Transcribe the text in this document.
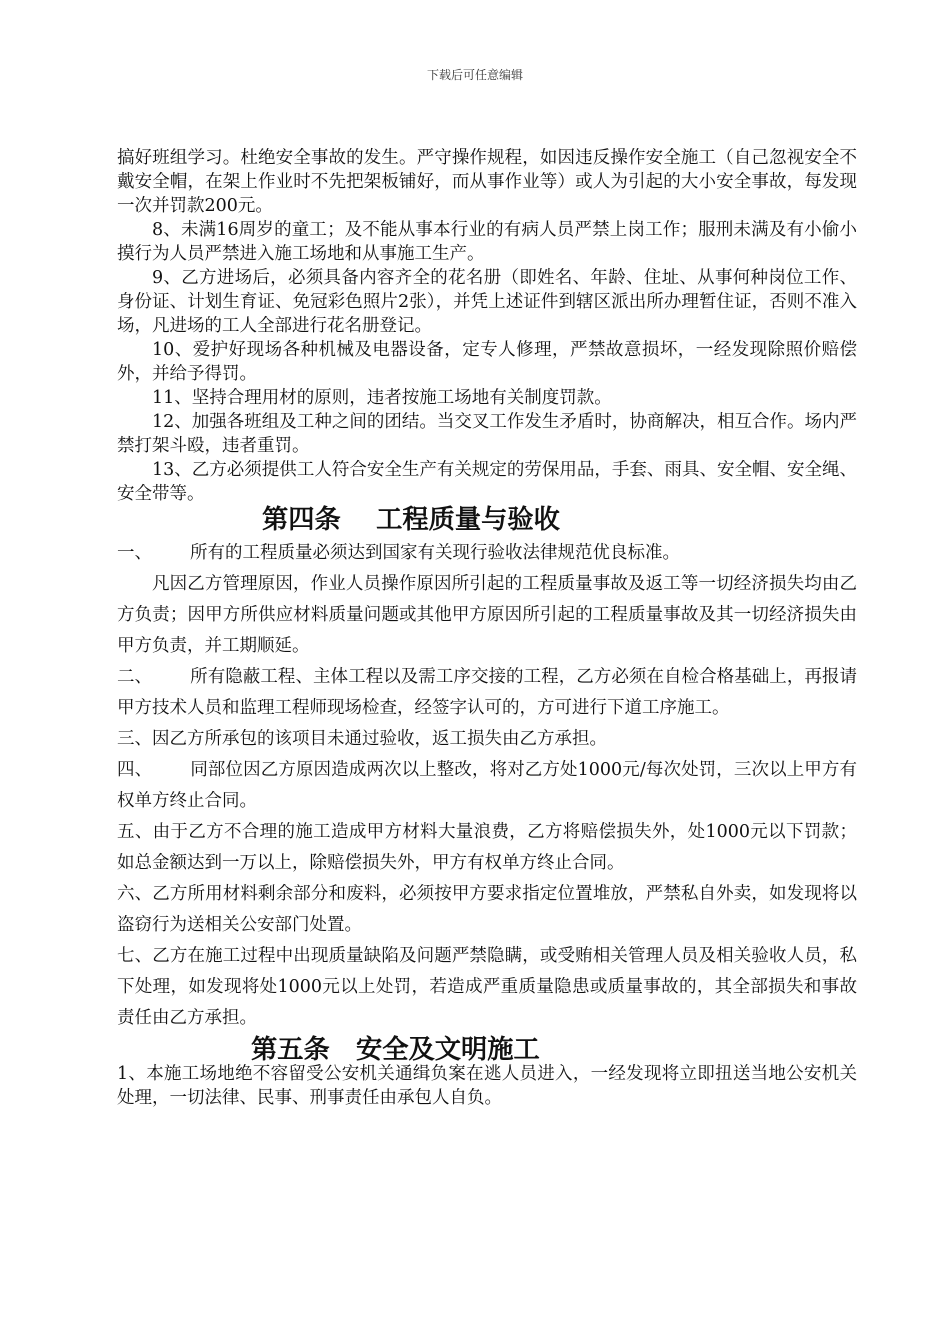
下载后可任意编辑

搞好班组学习。杜绝安全事故的发生。严守操作规程，如因违反操作安全施工（自己忽视安全不戴安全帽，在架上作业时不先把架板铺好，而从事作业等）或人为引起的大小安全事故，每发现一次并罚款200元。

8、未满16周岁的童工；及不能从事本行业的有病人员严禁上岗工作；服刑未满及有小偷小摸行为人员严禁进入施工场地和从事施工生产。

9、乙方进场后，必须具备内容齐全的花名册（即姓名、年龄、住址、从事何种岗位工作、身份证、计划生育证、免冠彩色照片2张），并凭上述证件到辖区派出所办理暂住证，否则不准入场，凡进场的工人全部进行花名册登记。

10、爱护好现场各种机械及电器设备，定专人修理，严禁故意损坏，一经发现除照价赔偿外，并给予得罚。

11、坚持合理用材的原则，违者按施工场地有关制度罚款。

12、加强各班组及工种之间的团结。当交叉工作发生矛盾时，协商解决，相互合作。场内严禁打架斗殴，违者重罚。

13、乙方必须提供工人符合安全生产有关规定的劳保用品，手套、雨具、安全帽、安全绳、安全带等。

第四条　 工程质量与验收

一、 所有的工程质量必须达到国家有关现行验收法律规范优良标准。

凡因乙方管理原因，作业人员操作原因所引起的工程质量事故及返工等一切经济损失均由乙方负责；因甲方所供应材料质量问题或其他甲方原因所引起的工程质量事故及其一切经济损失由甲方负责，并工期顺延。

二、 所有隐蔽工程、主体工程以及需工序交接的工程，乙方必须在自检合格基础上，再报请甲方技术人员和监理工程师现场检查，经签字认可的，方可进行下道工序施工。

三、因乙方所承包的该项目未通过验收，返工损失由乙方承担。

四、 同部位因乙方原因造成两次以上整改，将对乙方处1000元/每次处罚，三次以上甲方有权单方终止合同。

五、由于乙方不合理的施工造成甲方材料大量浪费，乙方将赔偿损失外，处1000元以下罚款；如总金额达到一万以上，除赔偿损失外，甲方有权单方终止合同。

六、乙方所用材料剩余部分和废料，必须按甲方要求指定位置堆放，严禁私自外卖，如发现将以盗窃行为送相关公安部门处置。

七、乙方在施工过程中出现质量缺陷及问题严禁隐瞒，或受贿相关管理人员及相关验收人员，私下处理，如发现将处1000元以上处罚，若造成严重质量隐患或质量事故的，其全部损失和事故责任由乙方承担。

第五条　安全及文明施工

1、本施工场地绝不容留受公安机关通缉负案在逃人员进入，一经发现将立即扭送当地公安机关处理，一切法律、民事、刑事责任由承包人自负。
